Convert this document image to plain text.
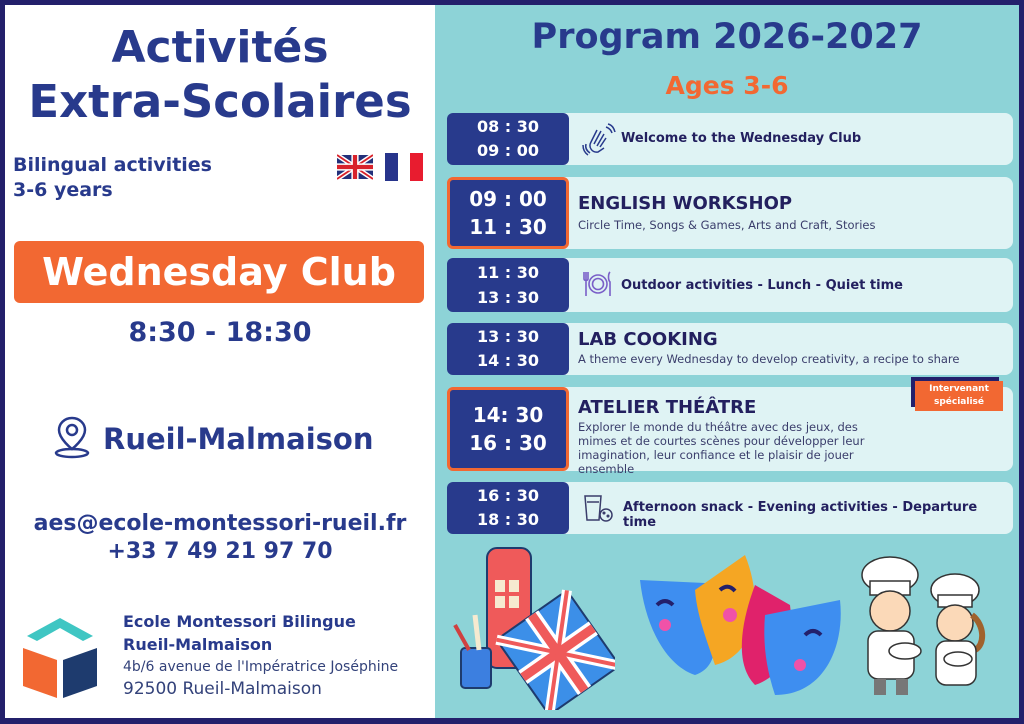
Activités
Extra-Scolaires
Bilingual activities
3-6 years
Wednesday Club
8:30 - 18:30
Rueil-Malmaison
aes@ecole-montessori-rueil.fr
+33 7 49 21 97 70
Ecole Montessori Bilingue
Rueil-Malmaison
4b/6 avenue de l'Impératrice Joséphine
92500 Rueil-Malmaison
Program 2026-2027
Ages 3-6
08 : 30
09 : 00
Welcome to the Wednesday Club
09 : 00
11 : 30
ENGLISH WORKSHOP
Circle Time, Songs & Games, Arts and Craft, Stories
11 : 30
13 : 30
Outdoor activities - Lunch - Quiet time
13 : 30
14 : 30
LAB COOKING
A theme every Wednesday to develop creativity, a recipe to share
14: 30
16 : 30
ATELIER THÉÂTRE
Explorer le monde du théâtre avec des jeux, des mimes et de courtes scènes pour développer leur imagination, leur confiance et le plaisir de jouer ensemble
Intervenant
spécialisé
16 : 30
18 : 30
Afternoon snack - Evening activities - Departure time
